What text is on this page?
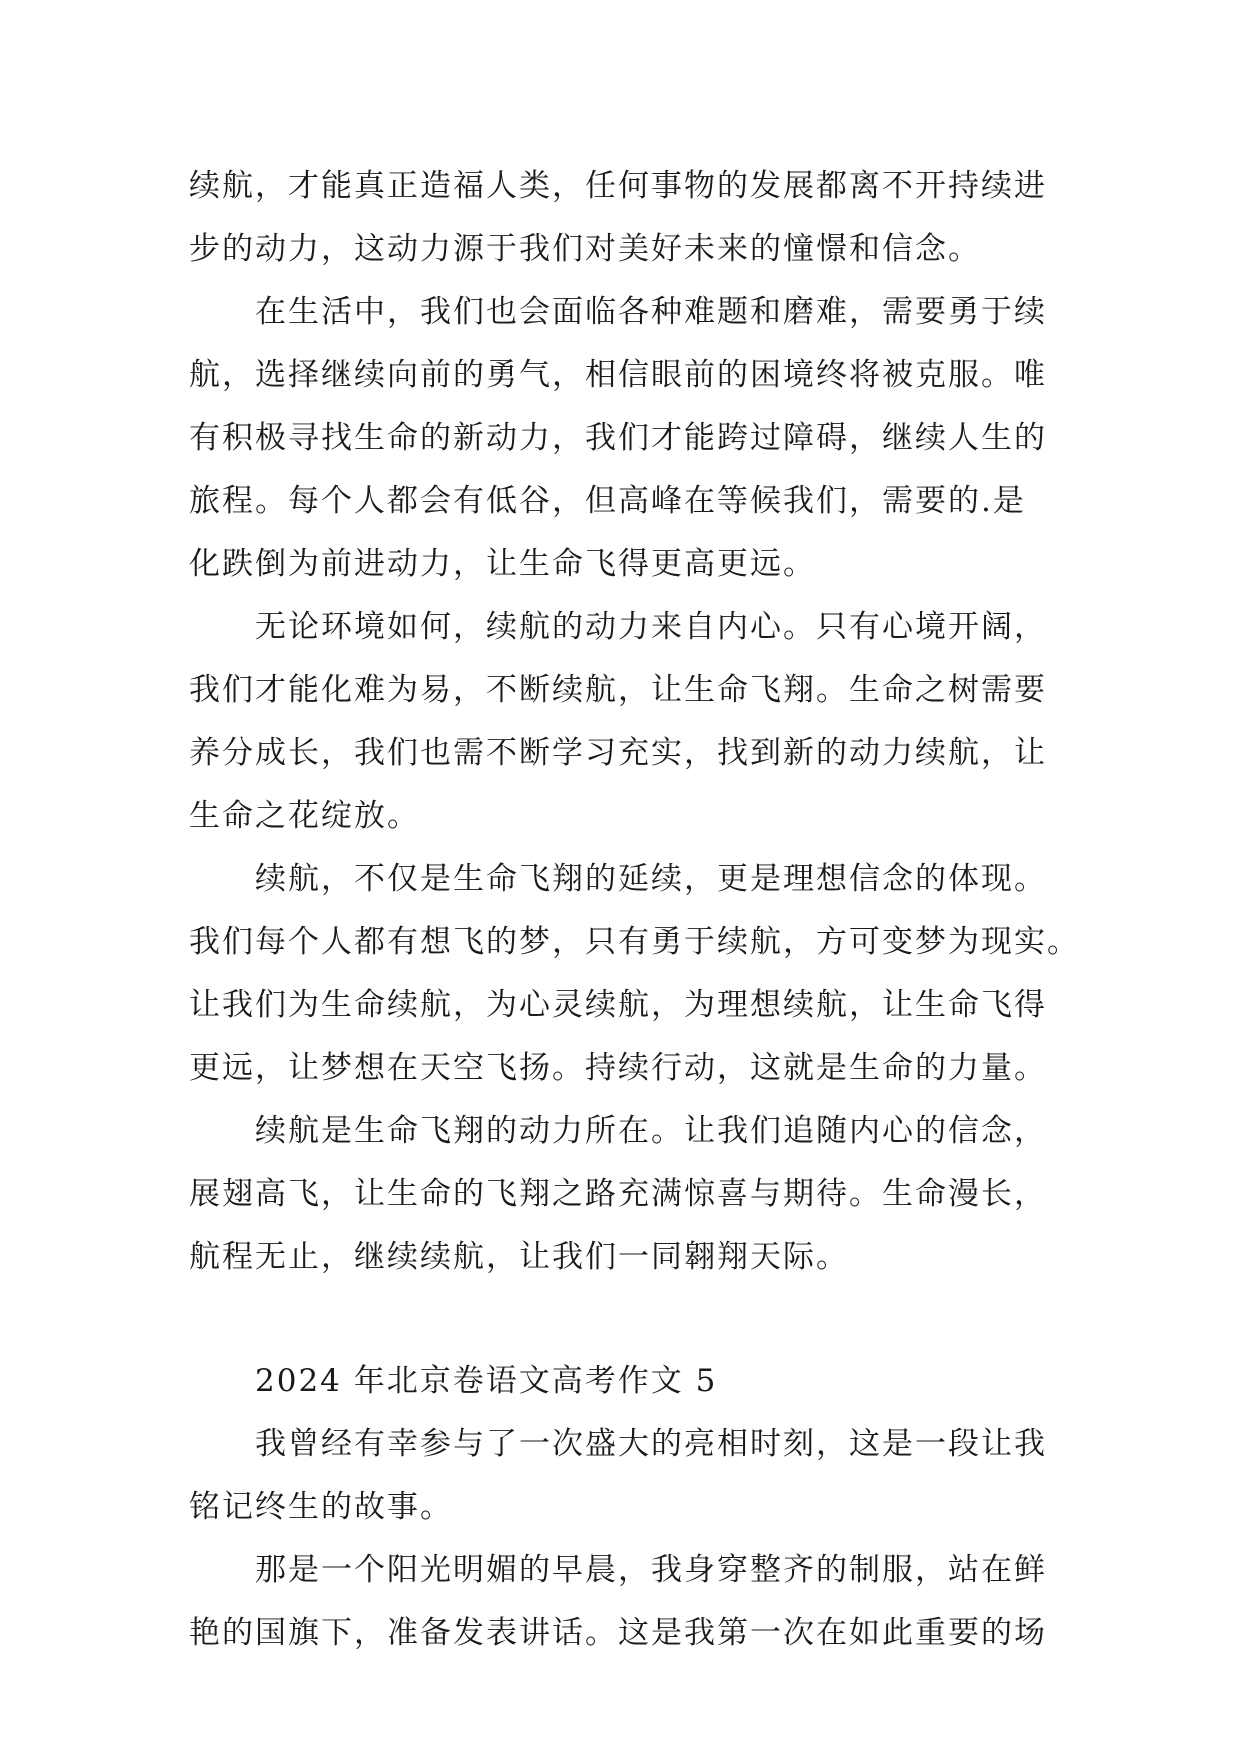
续航，才能真正造福人类，任何事物的发展都离不开持续进
步的动力，这动力源于我们对美好未来的憧憬和信念。
在生活中，我们也会面临各种难题和磨难，需要勇于续
航，选择继续向前的勇气，相信眼前的困境终将被克服。唯
有积极寻找生命的新动力，我们才能跨过障碍，继续人生的
旅程。每个人都会有低谷，但高峰在等候我们，需要的.是
化跌倒为前进动力，让生命飞得更高更远。
无论环境如何，续航的动力来自内心。只有心境开阔，
我们才能化难为易，不断续航，让生命飞翔。生命之树需要
养分成长，我们也需不断学习充实，找到新的动力续航，让
生命之花绽放。
续航，不仅是生命飞翔的延续，更是理想信念的体现。
我们每个人都有想飞的梦，只有勇于续航，方可变梦为现实。
让我们为生命续航，为心灵续航，为理想续航，让生命飞得
更远，让梦想在天空飞扬。持续行动，这就是生命的力量。
续航是生命飞翔的动力所在。让我们追随内心的信念，
展翅高飞，让生命的飞翔之路充满惊喜与期待。生命漫长，
航程无止，继续续航，让我们一同翱翔天际。
2024 年北京卷语文高考作文 5
我曾经有幸参与了一次盛大的亮相时刻，这是一段让我
铭记终生的故事。
那是一个阳光明媚的早晨，我身穿整齐的制服，站在鲜
艳的国旗下，准备发表讲话。这是我第一次在如此重要的场
